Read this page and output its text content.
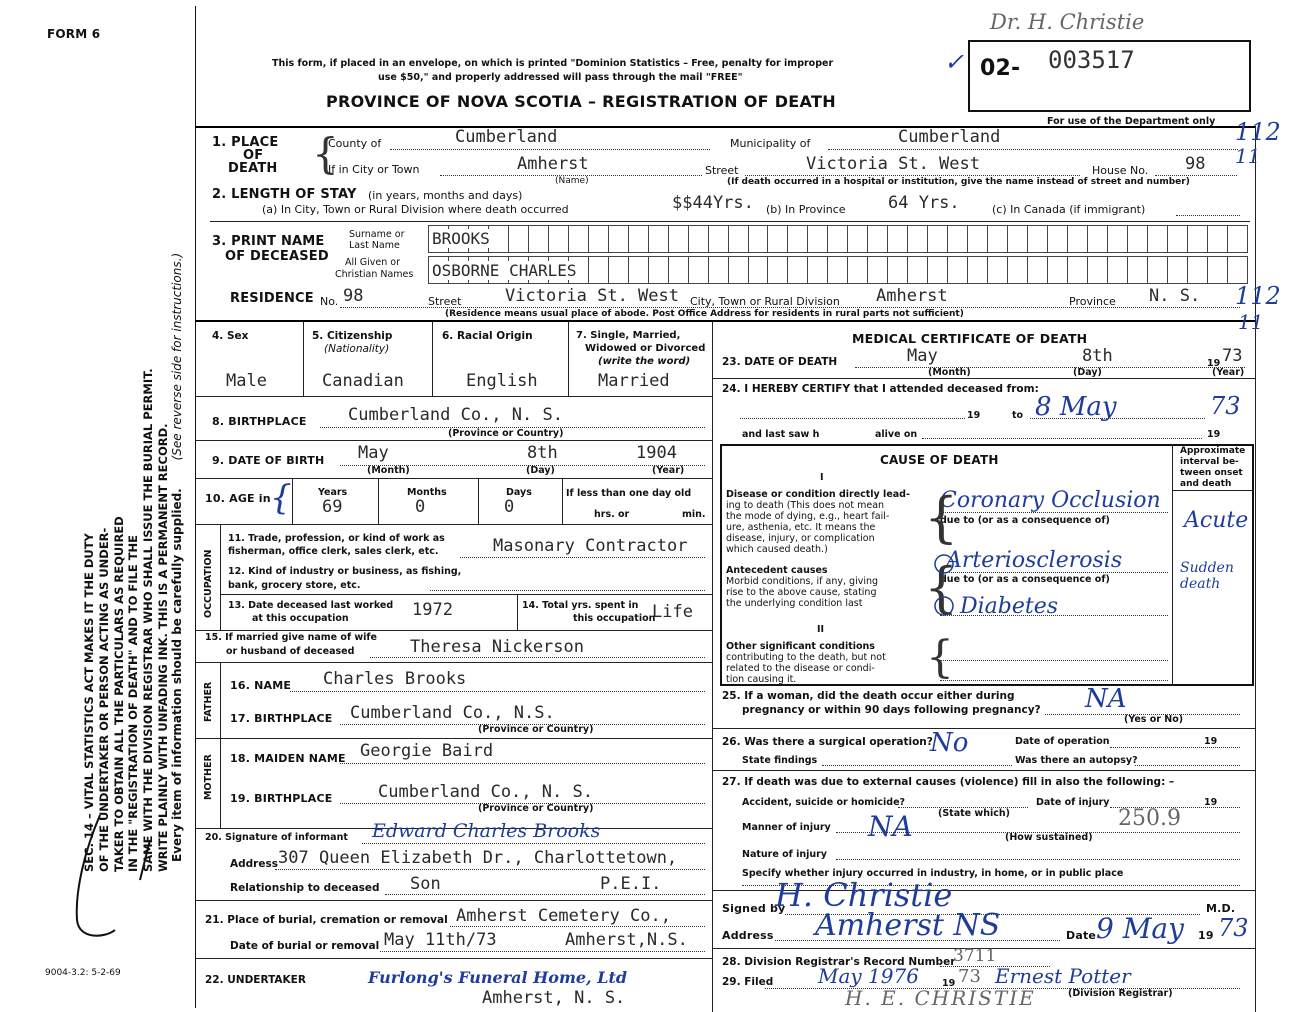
FORM 6
9004-3.2: 5-2-69
This form, if placed in an envelope, on which is printed "Dominion Statistics – Free, penalty for improper
use $50," and properly addressed will pass through the mail "FREE"
PROVINCE OF NOVA SCOTIA – REGISTRATION OF DEATH
02- 003517
For use of the Department only
Dr. H. Christie
✓
112
11
112
11
SEC. 14 – VITAL STATISTICS ACT MAKES IT THE DUTY OF THE UNDERTAKER OR PERSON ACTING AS UNDER- TAKER TO OBTAIN ALL THE PARTICULARS AS REQUIRED IN THE "REGISTRATION OF DEATH" AND TO FILE THE SAME WITH THE DIVISION REGISTRAR WHO SHALL ISSUE THE BURIAL PERMIT. WRITE PLAINLY WITH UNFADING INK. THIS IS A PERMANENT RECORD. Every item of information should be carefully supplied. (See reverse side for instructions.)
1. PLACE
OF
DEATH {
County of	Cumberland	Municipality of	Cumberland
If in City or Town	Amherst
(Name)
Street	Victoria St. West	House No. 98
(If death occurred in a hospital or institution, give the name instead of street and number)
2. LENGTH OF STAY (in years, months and days)
(a) In City, Town or Rural Division where death occurred	$$44Yrs. (b) In Province 64 Yrs.	(c) In Canada (if immigrant)
3. PRINT NAME
OF DECEASED
Surname or
Last Name
All Given or
Christian Names
BROOKS
OSBORNE CHARLES
RESIDENCE No. 98	Street	Victoria St. West City, Town or Rural Division Amherst	Province N. S.
(Residence means usual place of abode. Post Office Address for residents in rural parts not sufficient)
4. Sex
Male
5. Citizenship
(Nationality)
Canadian
6. Racial Origin
English
7. Single, Married,
Widowed or Divorced
(write the word)
Married
8. BIRTHPLACE Cumberland Co., N. S.
(Province or Country)
9. DATE OF BIRTH May	8th	1904
(Month)	(Day)	(Year)
10. AGE in {	Years
69
Months
0
Days
0
If less than one day old
hrs. or	min.
OCCUPATION
11. Trade, profession, or kind of work as
fisherman, office clerk, sales clerk, etc.	Masonary Contractor
12. Kind of industry or business, as fishing,
bank, grocery store, etc.
13. Date deceased last worked
at this occupation	1972	14. Total yrs. spent in
this occupation
Life
15. If married give name of wife
or husband of deceased	Theresa Nickerson
FATHER 16. NAME Charles Brooks
17. BIRTHPLACE Cumberland Co., N.S.
(Province or Country)
MOTHER 18. MAIDEN NAME Georgie Baird
19. BIRTHPLACE	Cumberland Co., N. S.
(Province or Country)
20. Signature of informant Edward Charles Brooks
Address 307 Queen Elizabeth Dr., Charlottetown,
Relationship to deceased Son	P.E.I.
21. Place of burial, cremation or removal Amherst Cemetery Co.,
Date of burial or removal May 11th/73	Amherst,N.S.
22. UNDERTAKER	Furlong's Funeral Home, Ltd
Amherst, N. S.
MEDICAL CERTIFICATE OF DEATH
23. DATE OF DEATH	May	8th	19 73
(Month)	(Day)	(Year)
24. I HEREBY CERTIFY that I attended deceased from:
19	to 8 May	73
and last saw h	alive on	19
CAUSE OF DEATH
Approximate
interval be-
tween onset
and death
I
Disease or condition directly lead-
ing to death (This does not mean
the mode of dying, e.g., heart fail-
ure, asthenia, etc. It means the
disease, injury, or complication
which caused death.)
Coronary Occlusion
Acute
due to (or as a consequence of)
{
Antecedent causes
Morbid conditions, if any, giving
rise to the above cause, stating
the underlying condition last
Arteriosclerosis	Sudden death
due to (or as a consequence of)
{ Diabetes
II
Other significant conditions
contributing to the death, but not
related to the disease or condi-
tion causing it.	{
25. If a woman, did the death occur either during
pregnancy or within 90 days following pregnancy? NA
(Yes or No)
26. Was there a surgical operation?
No	Date of operation	19
State findings	Was there an autopsy?
27. If death was due to external causes (violence) fill in also the following: –
Accident, suicide or homicide?
(State which)
Date of injury	19
Manner of injury NA	(How sustained)
250.9
Nature of injury
Specify whether injury occurred in industry, in home, or in public place
Signed by
H. Christie	M.D.
Address Amherst NS	Date 9 May 19 73
28. Division Registrar's Record Number
3711
29. Filed May 1976 19 73 Ernest Potter
(Division Registrar)
H. E. CHRISTIE
